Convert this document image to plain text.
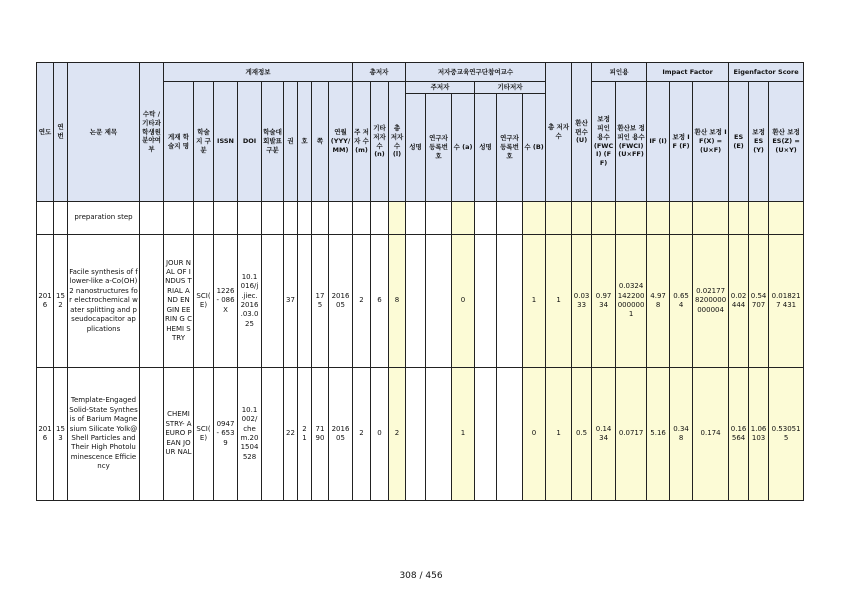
연도	연번	논문 제목	수탁 /기타과 학생원 분야여 부	게재정보									총저자			저자중교육연구단참여교수						총 저자 수	환산 편수 (U)	피인용		Impact Factor			Eigenfactor Score		
				게재 학술지 명	학술 지 구분	ISSN	DOI	학술대 회발표 구분	권	호	쪽	연월 (YYY/ MM)	주 저자 수 (m)	기타 저자 수 (n)	총 저자 수 (l)	주저자			기타저자					보정 피인 용수 (FWC I) (FF)	환산보 정피인 용수 (FWCI) (U×FF)	IF (I)	보정 IF (F)	환산 보정 IF(X) = (U×F)	ES (E)	보정 ES (Y)	환산 보정 ES(Z) =(U×Y)
																성명	연구자 등록번 호	수 (a)	성명	연구자 등록번 호	수 (B)										
		preparation step																													
201 6	15 2	Facile synthesis of flower-like a-Co(OH)2 nanostructures for electrochemical water splitting and pseudocapacitor applications		JOUR NAL OF INDUS TRIAL AND ENGIN EERIN G CHEMI STRY	SCI( E)	1226 - 086X	10.1 016/j .jiec. 2016 .03.0 25		37		17 5	2016 05	2	6	8			0			1	1	0.03 33	0.97 34	0.0324 142200 000000 1	4.97 8	0.65 4	0.02177 8200000 000004	0.02 444	0.54 707	0.018217 431
201 6	15 3	Template-Engaged Solid-State Synthesis of Barium Magnesium Silicate Yolk@Shell Particles and Their High Photoluminescence Efficiency		CHEMI STRY- A EURO PEAN JOUR NAL	SCI( E)	0947 - 6539	10.1 002/ che m.20 1504 528		22	2 1	71 90	2016 05	2	0	2			1			0	1	0.5	0.14 34	0.0717	5.16	0.34 8	0.174	0.16 564	1.06 103	0.530515
308 / 456
